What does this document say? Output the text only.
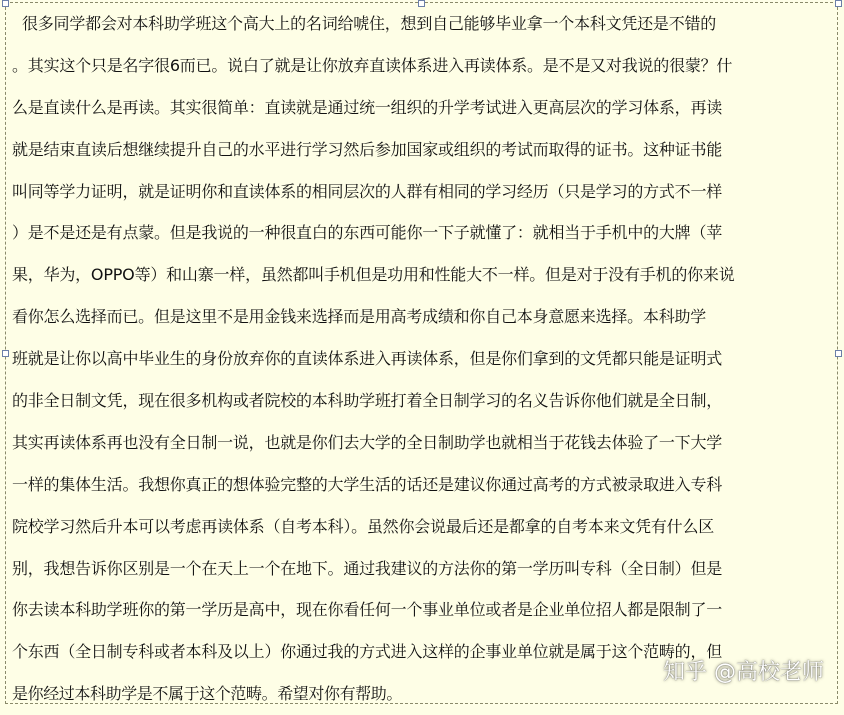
很多同学都会对本科助学班这个高大上的名词给唬住，想到自己能够毕业拿一个本科文凭还是不错的
。其实这个只是名字很6而已。说白了就是让你放弃直读体系进入再读体系。是不是又对我说的很蒙？什
么是直读什么是再读。其实很简单：直读就是通过统一组织的升学考试进入更高层次的学习体系，再读
就是结束直读后想继续提升自己的水平进行学习然后参加国家或组织的考试而取得的证书。这种证书能
叫同等学力证明，就是证明你和直读体系的相同层次的人群有相同的学习经历（只是学习的方式不一样
）是不是还是有点蒙。但是我说的一种很直白的东西可能你一下子就懂了：就相当于手机中的大牌（苹
果，华为，OPPO等）和山寨一样，虽然都叫手机但是功用和性能大不一样。但是对于没有手机的你来说
看你怎么选择而已。但是这里不是用金钱来选择而是用高考成绩和你自己本身意愿来选择。本科助学
班就是让你以高中毕业生的身份放弃你的直读体系进入再读体系，但是你们拿到的文凭都只能是证明式
的非全日制文凭，现在很多机构或者院校的本科助学班打着全日制学习的名义告诉你他们就是全日制，
其实再读体系再也没有全日制一说，也就是你们去大学的全日制助学也就相当于花钱去体验了一下大学
一样的集体生活。我想你真正的想体验完整的大学生活的话还是建议你通过高考的方式被录取进入专科
院校学习然后升本可以考虑再读体系（自考本科）。虽然你会说最后还是都拿的自考本来文凭有什么区
别，我想告诉你区别是一个在天上一个在地下。通过我建议的方法你的第一学历叫专科（全日制）但是
你去读本科助学班你的第一学历是高中，现在你看任何一个事业单位或者是企业单位招人都是限制了一
个东西（全日制专科或者本科及以上）你通过我的方式进入这样的企事业单位就是属于这个范畴的，但
是你经过本科助学是不属于这个范畴。希望对你有帮助。
知乎 @高校老师
